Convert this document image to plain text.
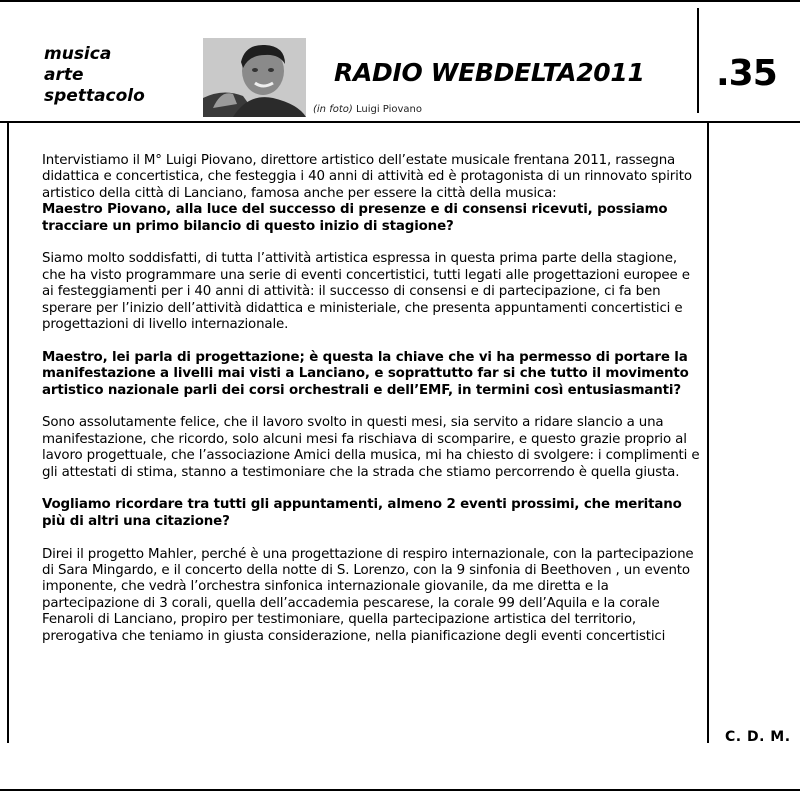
musica
arte
spettacolo
(in foto) Luigi Piovano
RADIO WEBDELTA2011 .35

Intervistiamo il M° Luigi Piovano, direttore artistico dell’estate musicale frentana 2011, rassegna didattica e concertistica, che festeggia i 40 anni di attività ed è protagonista di un rinnovato spirito artistico della città di Lanciano, famosa anche per essere la città della musica:

Maestro Piovano, alla luce del successo di presenze e di consensi ricevuti, possiamo tracciare un primo bilancio di questo inizio di stagione?

Siamo molto soddisfatti, di tutta l’attività artistica espressa in questa prima parte della stagione, che ha visto programmare una serie di eventi concertistici, tutti legati alle progettazioni europee e ai festeggiamenti per i 40 anni di attività: il successo di consensi e di partecipazione, ci fa ben sperare per l’inizio dell’attività didattica e ministeriale, che presenta appuntamenti concertistici e progettazioni di livello internazionale.

Maestro, lei parla di progettazione; è questa la chiave che vi ha permesso di portare la manifestazione a livelli mai visti a Lanciano, e soprattutto far si che tutto il movimento artistico nazionale parli dei corsi orchestrali e dell’EMF, in termini così entusiasmanti?

Sono assolutamente felice, che il lavoro svolto in questi mesi, sia servito a ridare slancio a una manifestazione, che ricordo, solo alcuni mesi fa rischiava di scomparire, e questo grazie proprio al lavoro progettuale, che l’associazione Amici della musica, mi ha chiesto di svolgere: i complimenti e gli attestati di stima, stanno a testimoniare che la strada che stiamo percorrendo è quella giusta.

Vogliamo ricordare tra tutti gli appuntamenti, almeno 2 eventi prossimi, che meritano più di altri una citazione?

Direi il progetto Mahler, perché è una progettazione di respiro internazionale, con la partecipazione di Sara Mingardo, e il concerto della notte di S. Lorenzo, con la 9 sinfonia di Beethoven , un evento imponente, che vedrà l’orchestra sinfonica internazionale giovanile, da me diretta e la partecipazione di 3 corali, quella dell’accademia pescarese, la corale 99 dell’Aquila e la corale Fenaroli di Lanciano, propiro per testimoniare, quella partecipazione artistica del territorio, prerogativa che teniamo in giusta considerazione, nella pianificazione degli eventi concertistici

C. D. M.
